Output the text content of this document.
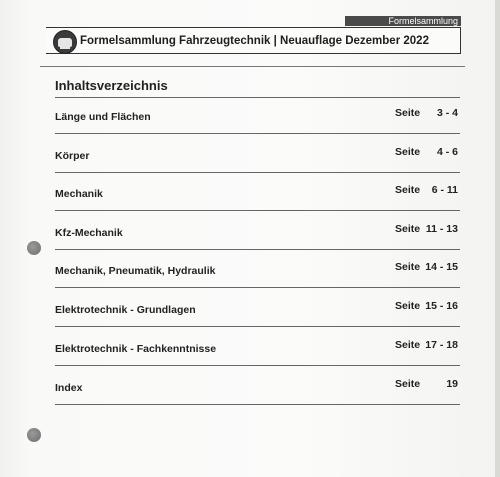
Formelsammlung
Formelsammlung Fahrzeugtechnik | Neuauflage Dezember 2022
Inhaltsverzeichnis
Länge und Flächen	Seite 3 - 4
Körper	Seite 4 - 6
Mechanik	Seite 6 - 11
Kfz-Mechanik	Seite 11 - 13
Mechanik, Pneumatik, Hydraulik	Seite 14 - 15
Elektrotechnik - Grundlagen	Seite 15 - 16
Elektrotechnik - Fachkenntnisse	Seite 17 - 18
Index	Seite 19
